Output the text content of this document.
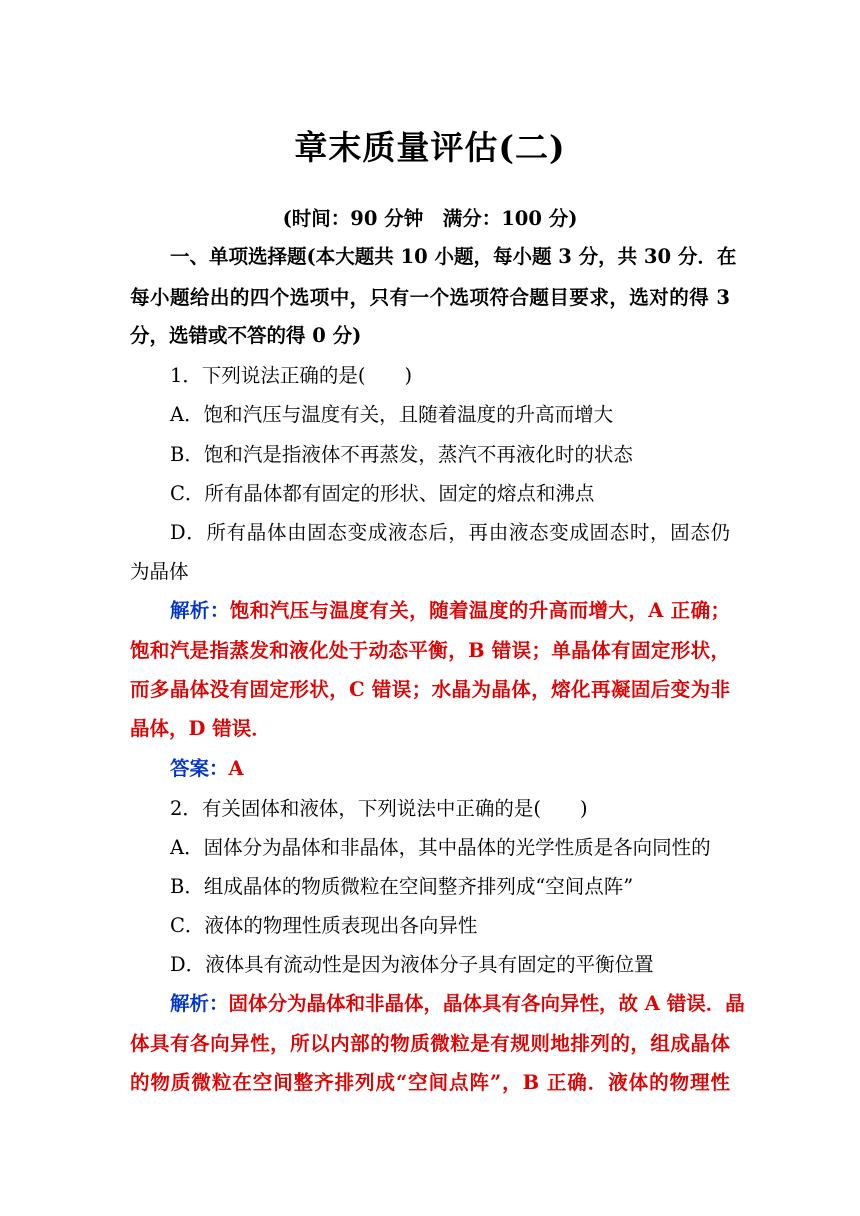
章末质量评估(二)
(时间：90 分钟　满分：100 分)
一、单项选择题(本大题共 10 小题，每小题 3 分，共 30 分．在
每小题给出的四个选项中，只有一个选项符合题目要求，选对的得 3
分，选错或不答的得 0 分)
1．下列说法正确的是(　　)
A．饱和汽压与温度有关，且随着温度的升高而增大
B．饱和汽是指液体不再蒸发，蒸汽不再液化时的状态
C．所有晶体都有固定的形状、固定的熔点和沸点
D．所有晶体由固态变成液态后，再由液态变成固态时，固态仍
为晶体
解析：饱和汽压与温度有关，随着温度的升高而增大，A 正确；
饱和汽是指蒸发和液化处于动态平衡，B 错误；单晶体有固定形状，
而多晶体没有固定形状，C 错误；水晶为晶体，熔化再凝固后变为非
晶体，D 错误．
答案：A
2．有关固体和液体，下列说法中正确的是(　　)
A．固体分为晶体和非晶体，其中晶体的光学性质是各向同性的
B．组成晶体的物质微粒在空间整齐排列成“空间点阵”
C．液体的物理性质表现出各向异性
D．液体具有流动性是因为液体分子具有固定的平衡位置
解析：固体分为晶体和非晶体，晶体具有各向异性，故 A 错误．晶
体具有各向异性，所以内部的物质微粒是有规则地排列的，组成晶体
的物质微粒在空间整齐排列成“空间点阵”，B 正确．液体的物理性
